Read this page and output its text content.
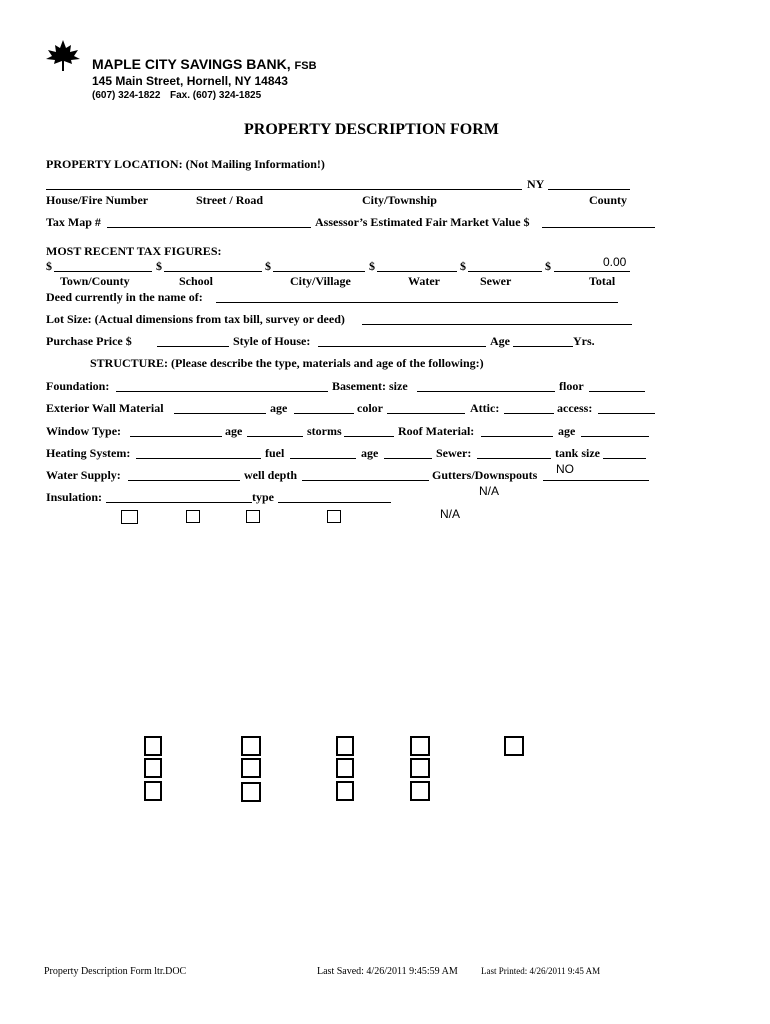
MAPLE CITY SAVINGS BANK, FSB
145 Main Street, Hornell, NY 14843
(607) 324-1822 Fax. (607) 324-1825
PROPERTY DESCRIPTION FORM
PROPERTY LOCATION: (Not Mailing Information!)
NY
House/Fire Number	Street / Road	City/Township	County
Tax Map #	Assessor’s Estimated Fair Market Value $
MOST RECENT TAX FIGURES:
$	$	$	$	$	$	0.00
Town/County	School	City/Village	Water	Sewer	Total
Deed currently in the name of:
Lot Size: (Actual dimensions from tax bill, survey or deed)
Purchase Price $	Style of House:	Age	Yrs.
STRUCTURE: (Please describe the type, materials and age of the following:)
Foundation:	Basement: size	floor
Exterior Wall Material	age	color	Attic:	access:
Window Type:	age	storms	Roof Material:	age
Heating System:	fuel	age	Sewer:	tank size
Water Supply:	well depth	Gutters/Downspouts NO
N/A
Insulation:	type
N/A
Property Description Form ltr.DOC	Last Saved: 4/26/2011 9:45:59 AM	Last Printed: 4/26/2011 9:45 AM
